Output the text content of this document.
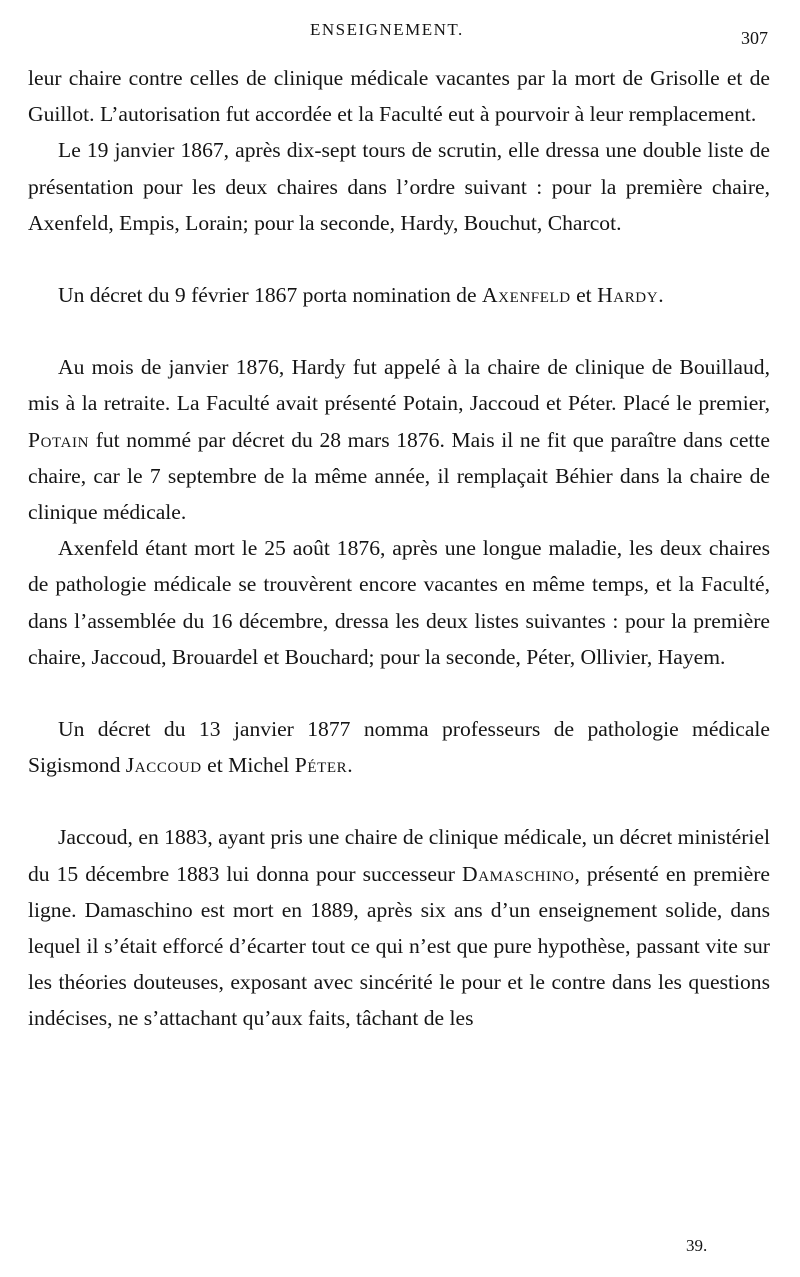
ENSEIGNEMENT.	307

leur chaire contre celles de clinique médicale vacantes par la mort de Grisolle et de Guillot. L’autorisation fut accordée et la Faculté eut à pourvoir à leur remplacement.

Le 19 janvier 1867, après dix-sept tours de scrutin, elle dressa une double liste de présentation pour les deux chaires dans l’ordre suivant : pour la première chaire, Axenfeld, Empis, Lorain; pour la seconde, Hardy, Bouchut, Charcot.

Un décret du 9 février 1867 porta nomination de Axenfeld et Hardy.

Au mois de janvier 1876, Hardy fut appelé à la chaire de clinique de Bouillaud, mis à la retraite. La Faculté avait présenté Potain, Jaccoud et Péter. Placé le premier, Potain fut nommé par décret du 28 mars 1876. Mais il ne fit que paraître dans cette chaire, car le 7 septembre de la même année, il remplaçait Béhier dans la chaire de clinique médicale.

Axenfeld étant mort le 25 août 1876, après une longue maladie, les deux chaires de pathologie médicale se trouvèrent encore vacantes en même temps, et la Faculté, dans l’assemblée du 16 décembre, dressa les deux listes suivantes : pour la première chaire, Jaccoud, Brouardel et Bouchard; pour la seconde, Péter, Ollivier, Hayem.

Un décret du 13 janvier 1877 nomma professeurs de pathologie médicale Sigismond Jaccoud et Michel Péter.

Jaccoud, en 1883, ayant pris une chaire de clinique médicale, un décret ministériel du 15 décembre 1883 lui donna pour successeur Damaschino, présenté en première ligne. Damaschino est mort en 1889, après six ans d’un enseignement solide, dans lequel il s’était efforcé d’écarter tout ce qui n’est que pure hypothèse, passant vite sur les théories douteuses, exposant avec sincérité le pour et le contre dans les questions indécises, ne s’attachant qu’aux faits, tâchant de les

39.
